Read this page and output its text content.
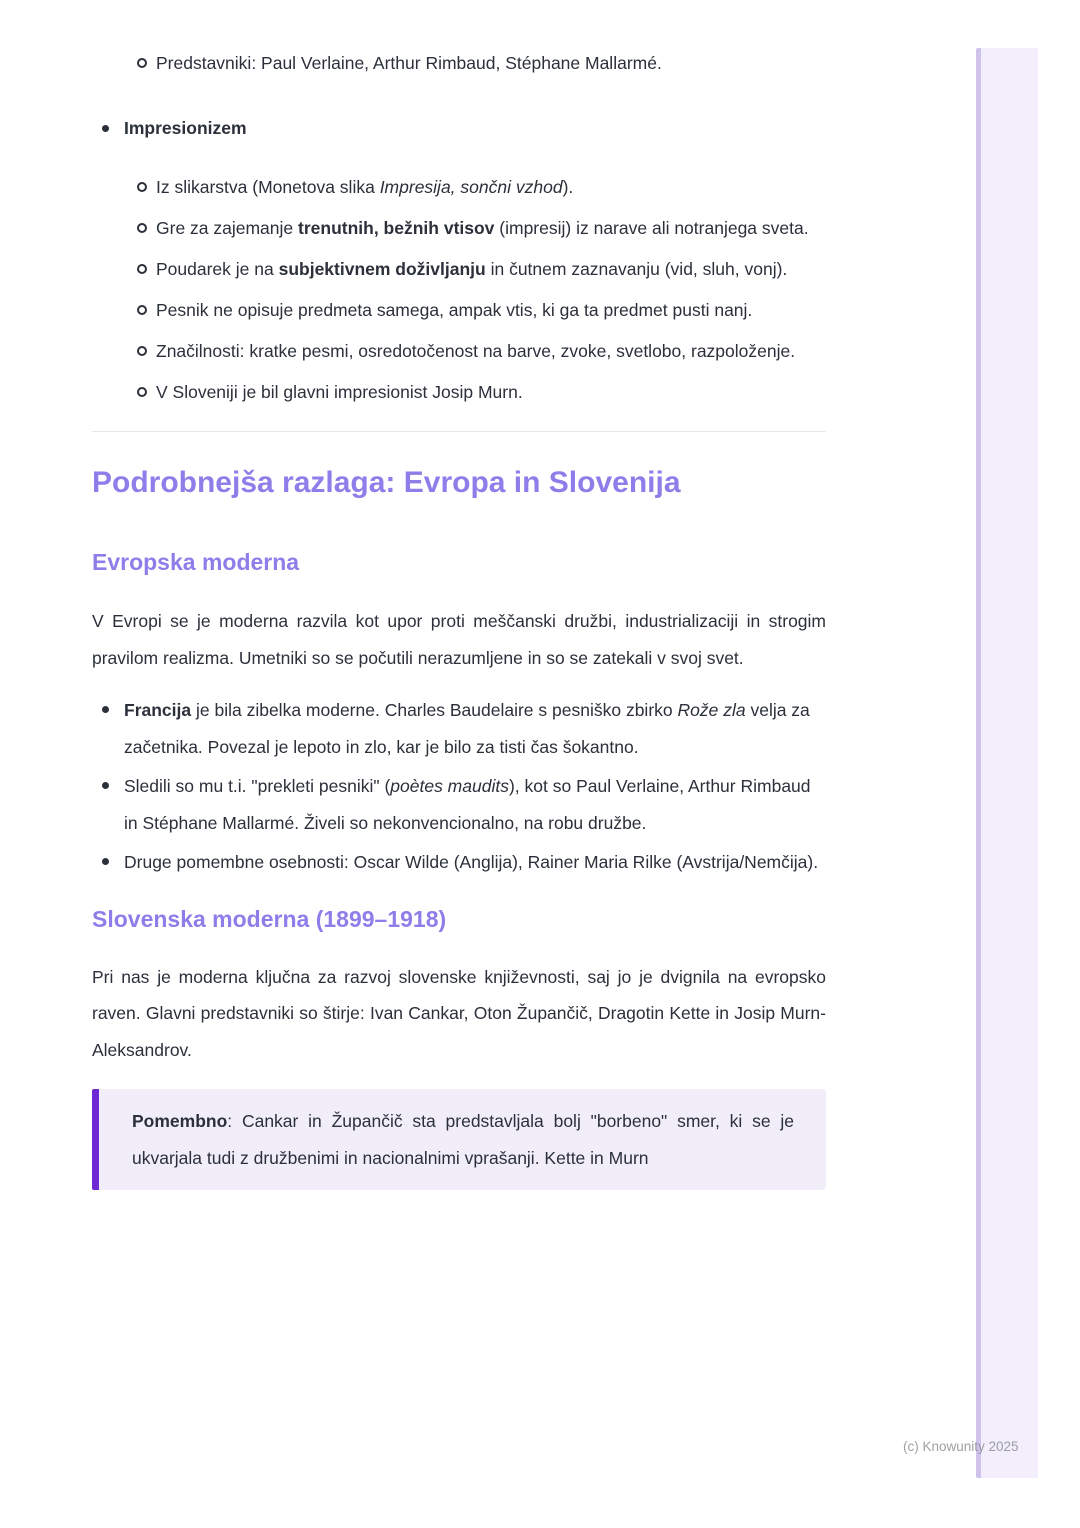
(c) Knowunity 2025
Predstavniki: Paul Verlaine, Arthur Rimbaud, Stéphane Mallarmé.
Impresionizem
Iz slikarstva (Monetova slika Impresija, sončni vzhod).
Gre za zajemanje trenutnih, bežnih vtisov (impresij) iz narave ali notranjega sveta.
Poudarek je na subjektivnem doživljanju in čutnem zaznavanju (vid, sluh, vonj).
Pesnik ne opisuje predmeta samega, ampak vtis, ki ga ta predmet pusti nanj.
Značilnosti: kratke pesmi, osredotočenost na barve, zvoke, svetlobo, razpoloženje.
V Sloveniji je bil glavni impresionist Josip Murn.
Podrobnejša razlaga: Evropa in Slovenija
Evropska moderna

V Evropi se je moderna razvila kot upor proti meščanski družbi, industrializaciji in strogim pravilom realizma. Umetniki so se počutili nerazumljene in so se zatekali v svoj svet.

Francija je bila zibelka moderne. Charles Baudelaire s pesniško zbirko Rože zla velja za začetnika. Povezal je lepoto in zlo, kar je bilo za tisti čas šokantno.
Sledili so mu t.i. "prekleti pesniki" (poètes maudits), kot so Paul Verlaine, Arthur Rimbaud in Stéphane Mallarmé. Živeli so nekonvencionalno, na robu družbe.
Druge pomembne osebnosti: Oscar Wilde (Anglija), Rainer Maria Rilke (Avstrija/Nemčija).
Slovenska moderna (1899–1918)

Pri nas je moderna ključna za razvoj slovenske književnosti, saj jo je dvignila na evropsko raven. Glavni predstavniki so štirje: Ivan Cankar, Oton Župančič, Dragotin Kette in Josip Murn-Aleksandrov.

Pomembno: Cankar in Župančič sta predstavljala bolj "borbeno" smer, ki se je ukvarjala tudi z družbenimi in nacionalnimi vprašanji. Kette in Murn
